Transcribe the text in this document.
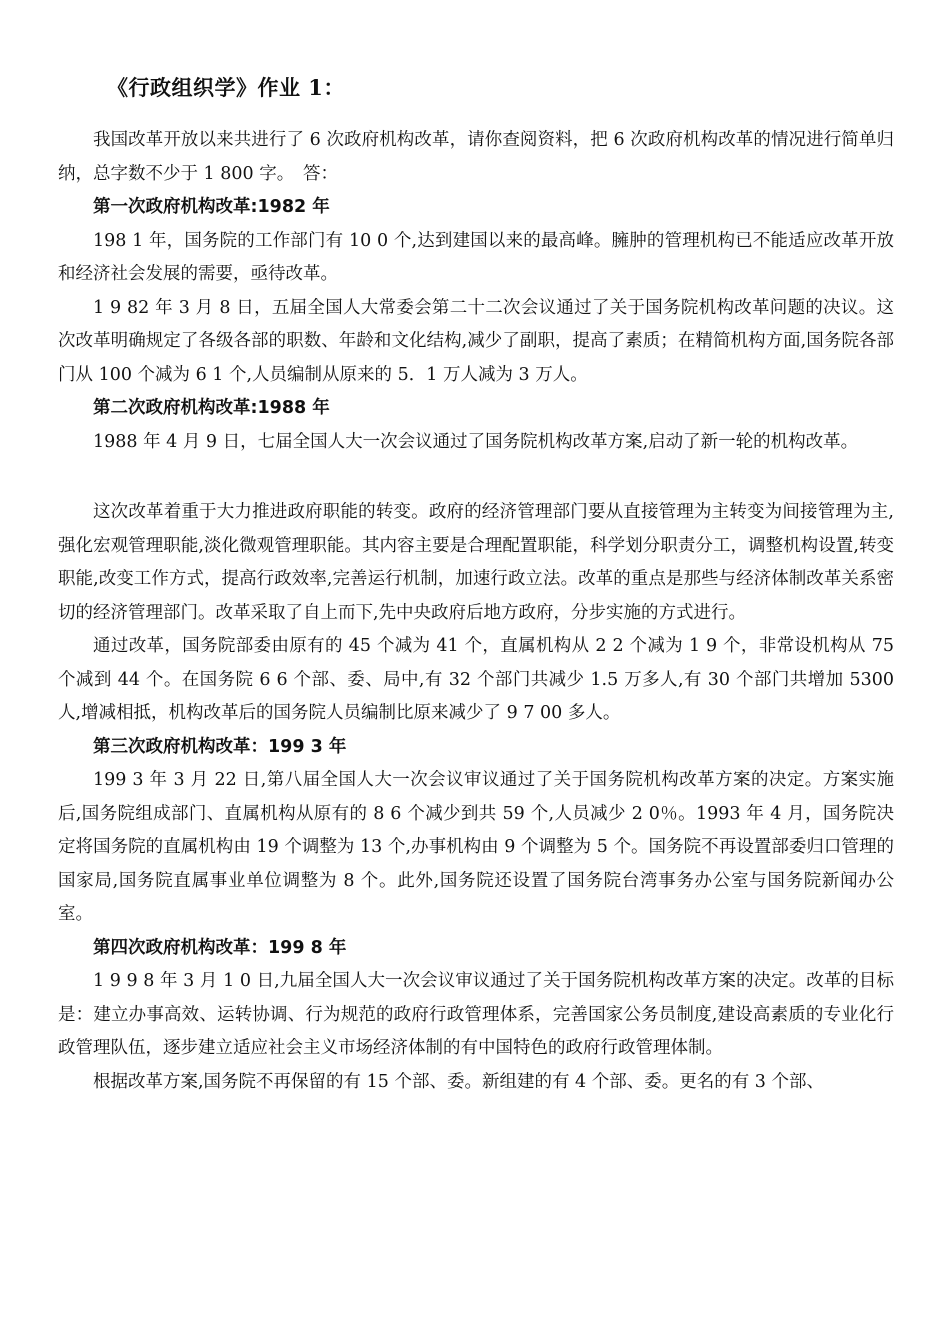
《行政组织学》作业 1：

我国改革开放以来共进行了 6 次政府机构改革，请你查阅资料，把 6 次政府机构改革的情况进行简单归纳，总字数不少于 1 800 字。　答：

第一次政府机构改革:1982 年

198 1 年，国务院的工作部门有 10 0 个,达到建国以来的最高峰。臃肿的管理机构已不能适应改革开放和经济社会发展的需要，亟待改革。

1 9 82 年 3 月 8 日，五届全国人大常委会第二十二次会议通过了关于国务院机构改革问题的决议。这次改革明确规定了各级各部的职数、年龄和文化结构,减少了副职，提高了素质；在精简机构方面,国务院各部门从 100 个减为 6 1 个,人员编制从原来的 5．1 万人减为 3 万人。

第二次政府机构改革:1988 年

1988 年 4 月 9 日，七届全国人大一次会议通过了国务院机构改革方案,启动了新一轮的机构改革。

这次改革着重于大力推进政府职能的转变。政府的经济管理部门要从直接管理为主转变为间接管理为主,强化宏观管理职能,淡化微观管理职能。其内容主要是合理配置职能，科学划分职责分工，调整机构设置,转变职能,改变工作方式，提高行政效率,完善运行机制，加速行政立法。改革的重点是那些与经济体制改革关系密切的经济管理部门。改革采取了自上而下,先中央政府后地方政府，分步实施的方式进行。

通过改革，国务院部委由原有的 45 个减为 41 个，直属机构从 2 2 个减为 1 9 个，非常设机构从 75 个减到 44 个。在国务院 6 6 个部、委、局中,有 32 个部门共减少 1.5 万多人,有 30 个部门共增加 5300 人,增减相抵，机构改革后的国务院人员编制比原来减少了 9 7 00 多人。

第三次政府机构改革：199 3 年

199 3 年 3 月 22 日,第八届全国人大一次会议审议通过了关于国务院机构改革方案的决定。方案实施后,国务院组成部门、直属机构从原有的 8 6 个减少到共 59 个,人员减少 2 0％。1993 年 4 月，国务院决定将国务院的直属机构由 19 个调整为 13 个,办事机构由 9 个调整为 5 个。国务院不再设置部委归口管理的国家局,国务院直属事业单位调整为 8 个。此外,国务院还设置了国务院台湾事务办公室与国务院新闻办公室。

第四次政府机构改革：199 8 年

1 9 9 8 年 3 月 1 0 日,九届全国人大一次会议审议通过了关于国务院机构改革方案的决定。改革的目标是：建立办事高效、运转协调、行为规范的政府行政管理体系，完善国家公务员制度,建设高素质的专业化行政管理队伍，逐步建立适应社会主义市场经济体制的有中国特色的政府行政管理体制。

根据改革方案,国务院不再保留的有 15 个部、委。新组建的有 4 个部、委。更名的有 3 个部、
